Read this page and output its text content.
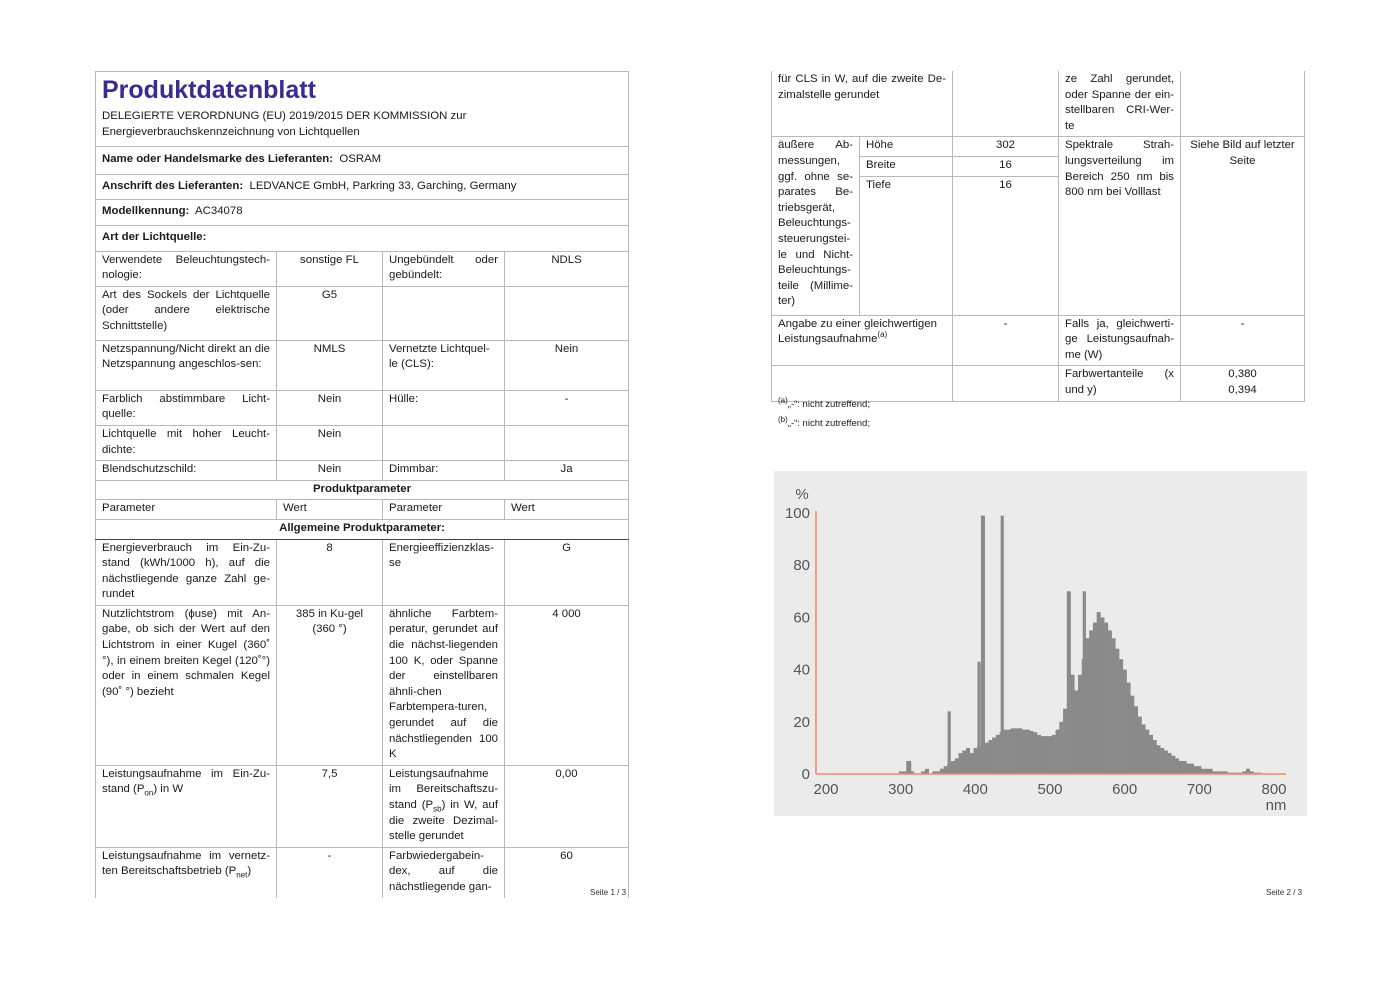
Produktdatenblatt
DELEGIERTE VERORDNUNG (EU) 2019/2015 DER KOMMISSION zur Energieverbrauchskennzeichnung von Lichtquellen			

Name oder Handelsmarke des Lieferanten: OSRAM			
Anschrift des Lieferanten: LEDVANCE GmbH, Parkring 33, Garching, Germany			
Modellkennung: AC34078			
Art der Lichtquelle:			
Verwendete Beleuchtungstech-nologie:	sonstige FL	Ungebündelt oder gebündelt:	NDLS
Art des Sockels der Lichtquelle (oder andere elektrische Schnittstelle)	G5		
Netzspannung/Nicht direkt an die Netzspannung angeschlos-sen:	NMLS	Vernetzte Lichtquel-le (CLS):	Nein
Farblich abstimmbare Licht-quelle:	Nein	Hülle:	-
Lichtquelle mit hoher Leucht-dichte:	Nein		
Blendschutzschild:	Nein	Dimmbar:	Ja
Produktparameter			
Parameter	Wert	Parameter	Wert
Allgemeine Produktparameter:			
Energieverbrauch im Ein-Zu-stand (kWh/1000 h), auf die nächstliegende ganze Zahl ge-rundet	8	Energieeffizienzklas-se	G
Nutzlichtstrom (ϕuse) mit An-gabe, ob sich der Wert auf den Lichtstrom in einer Kugel (360˚ °), in einem breiten Kegel (120˚°) oder in einem schmalen Kegel (90˚ °) bezieht	385 in Ku-gel (360 °)	ähnliche Farbtem-peratur, gerundet auf die nächst-liegenden 100 K, oder Spanne der einstellbaren ähnli-chen Farbtempera-turen, gerundet auf die nächstliegenden 100 K	4 000
Leistungsaufnahme im Ein-Zu-stand $(P_{on})$ in W	7,5	Leistungsaufnahme im Bereitschaftszu-stand $(P_{sb})$ in W, auf die zweite Dezimal-stelle gerundet	0,00
Leistungsaufnahme im vernetz-ten Bereitschaftsbetrieb $(P_{net})$	-	Farbwiedergabein-dex, auf die nächstliegende gan-	60
Seite 1 / 3
für CLS in W, auf die zweite De-zimalstelle gerundet			ze Zahl gerundet, oder Spanne der ein-stellbaren CRI-Wer-te	
äußere Ab-messungen, ggf. ohne se-parates Be-triebsgerät, Beleuchtungs-steuerungstei-le und Nicht-Beleuchtungs-teile (Millime-ter)	Höhe	302	Spektrale Strah-lungsverteilung im Bereich 250 nm bis 800 nm bei Volllast	Siehe Bild auf letzter Seite
	Breite	16		
	Tiefe	16		
Angabe zu einer gleichwertigen Leistungsaufnahme$^{(a)}$		-	Falls ja, gleichwerti-ge Leistungsaufnah-me (W)	-
			Farbwertanteile (x und y)	0,380
0,394
$^{(a)}$„-“: nicht zutreffend;
$^{(b)}$„-“: nicht zutreffend;
0
20
40
60
80
100
200	300	400	500	600	700	800
%
nm
Seite 2 / 3
